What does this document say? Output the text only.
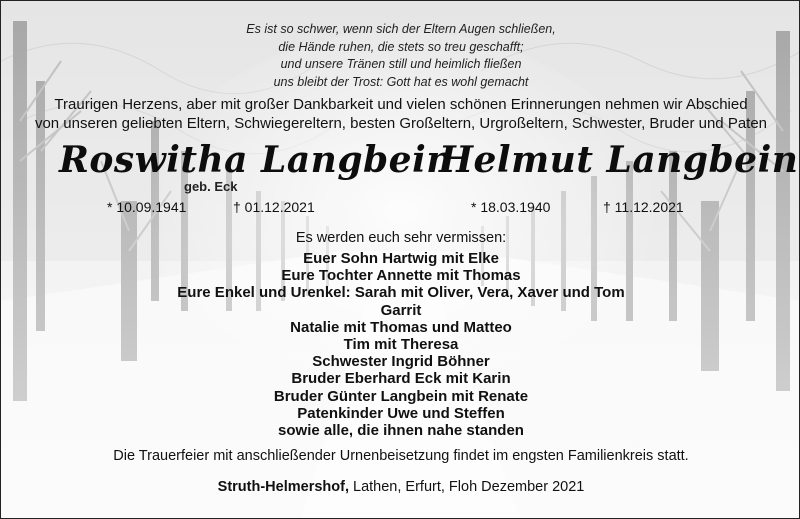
Es ist so schwer, wenn sich der Eltern Augen schließen,
die Hände ruhen, die stets so treu geschafft;
und unsere Tränen still und heimlich fließen
uns bleibt der Trost: Gott hat es wohl gemacht
Traurigen Herzens, aber mit großer Dankbarkeit und vielen schönen Erinnerungen nehmen wir Abschied
von unseren geliebten Eltern, Schwiegereltern, besten Großeltern, Urgroßeltern, Schwester, Bruder und Paten
Roswitha Langbein
Helmut Langbein
geb. Eck
* 10.09.1941	† 01.12.2021	* 18.03.1940	† 11.12.2021
Es werden euch sehr vermissen:
Euer Sohn Hartwig mit Elke
Eure Tochter Annette mit Thomas
Eure Enkel und Urenkel: Sarah mit Oliver, Vera, Xaver und Tom
Garrit
Natalie mit Thomas und Matteo
Tim mit Theresa
Schwester Ingrid Böhner
Bruder Eberhard Eck mit Karin
Bruder Günter Langbein mit Renate
Patenkinder Uwe und Steffen
sowie alle, die ihnen nahe standen
Die Trauerfeier mit anschließender Urnenbeisetzung findet im engsten Familienkreis statt.
Struth-Helmershof, Lathen, Erfurt, Floh Dezember 2021
